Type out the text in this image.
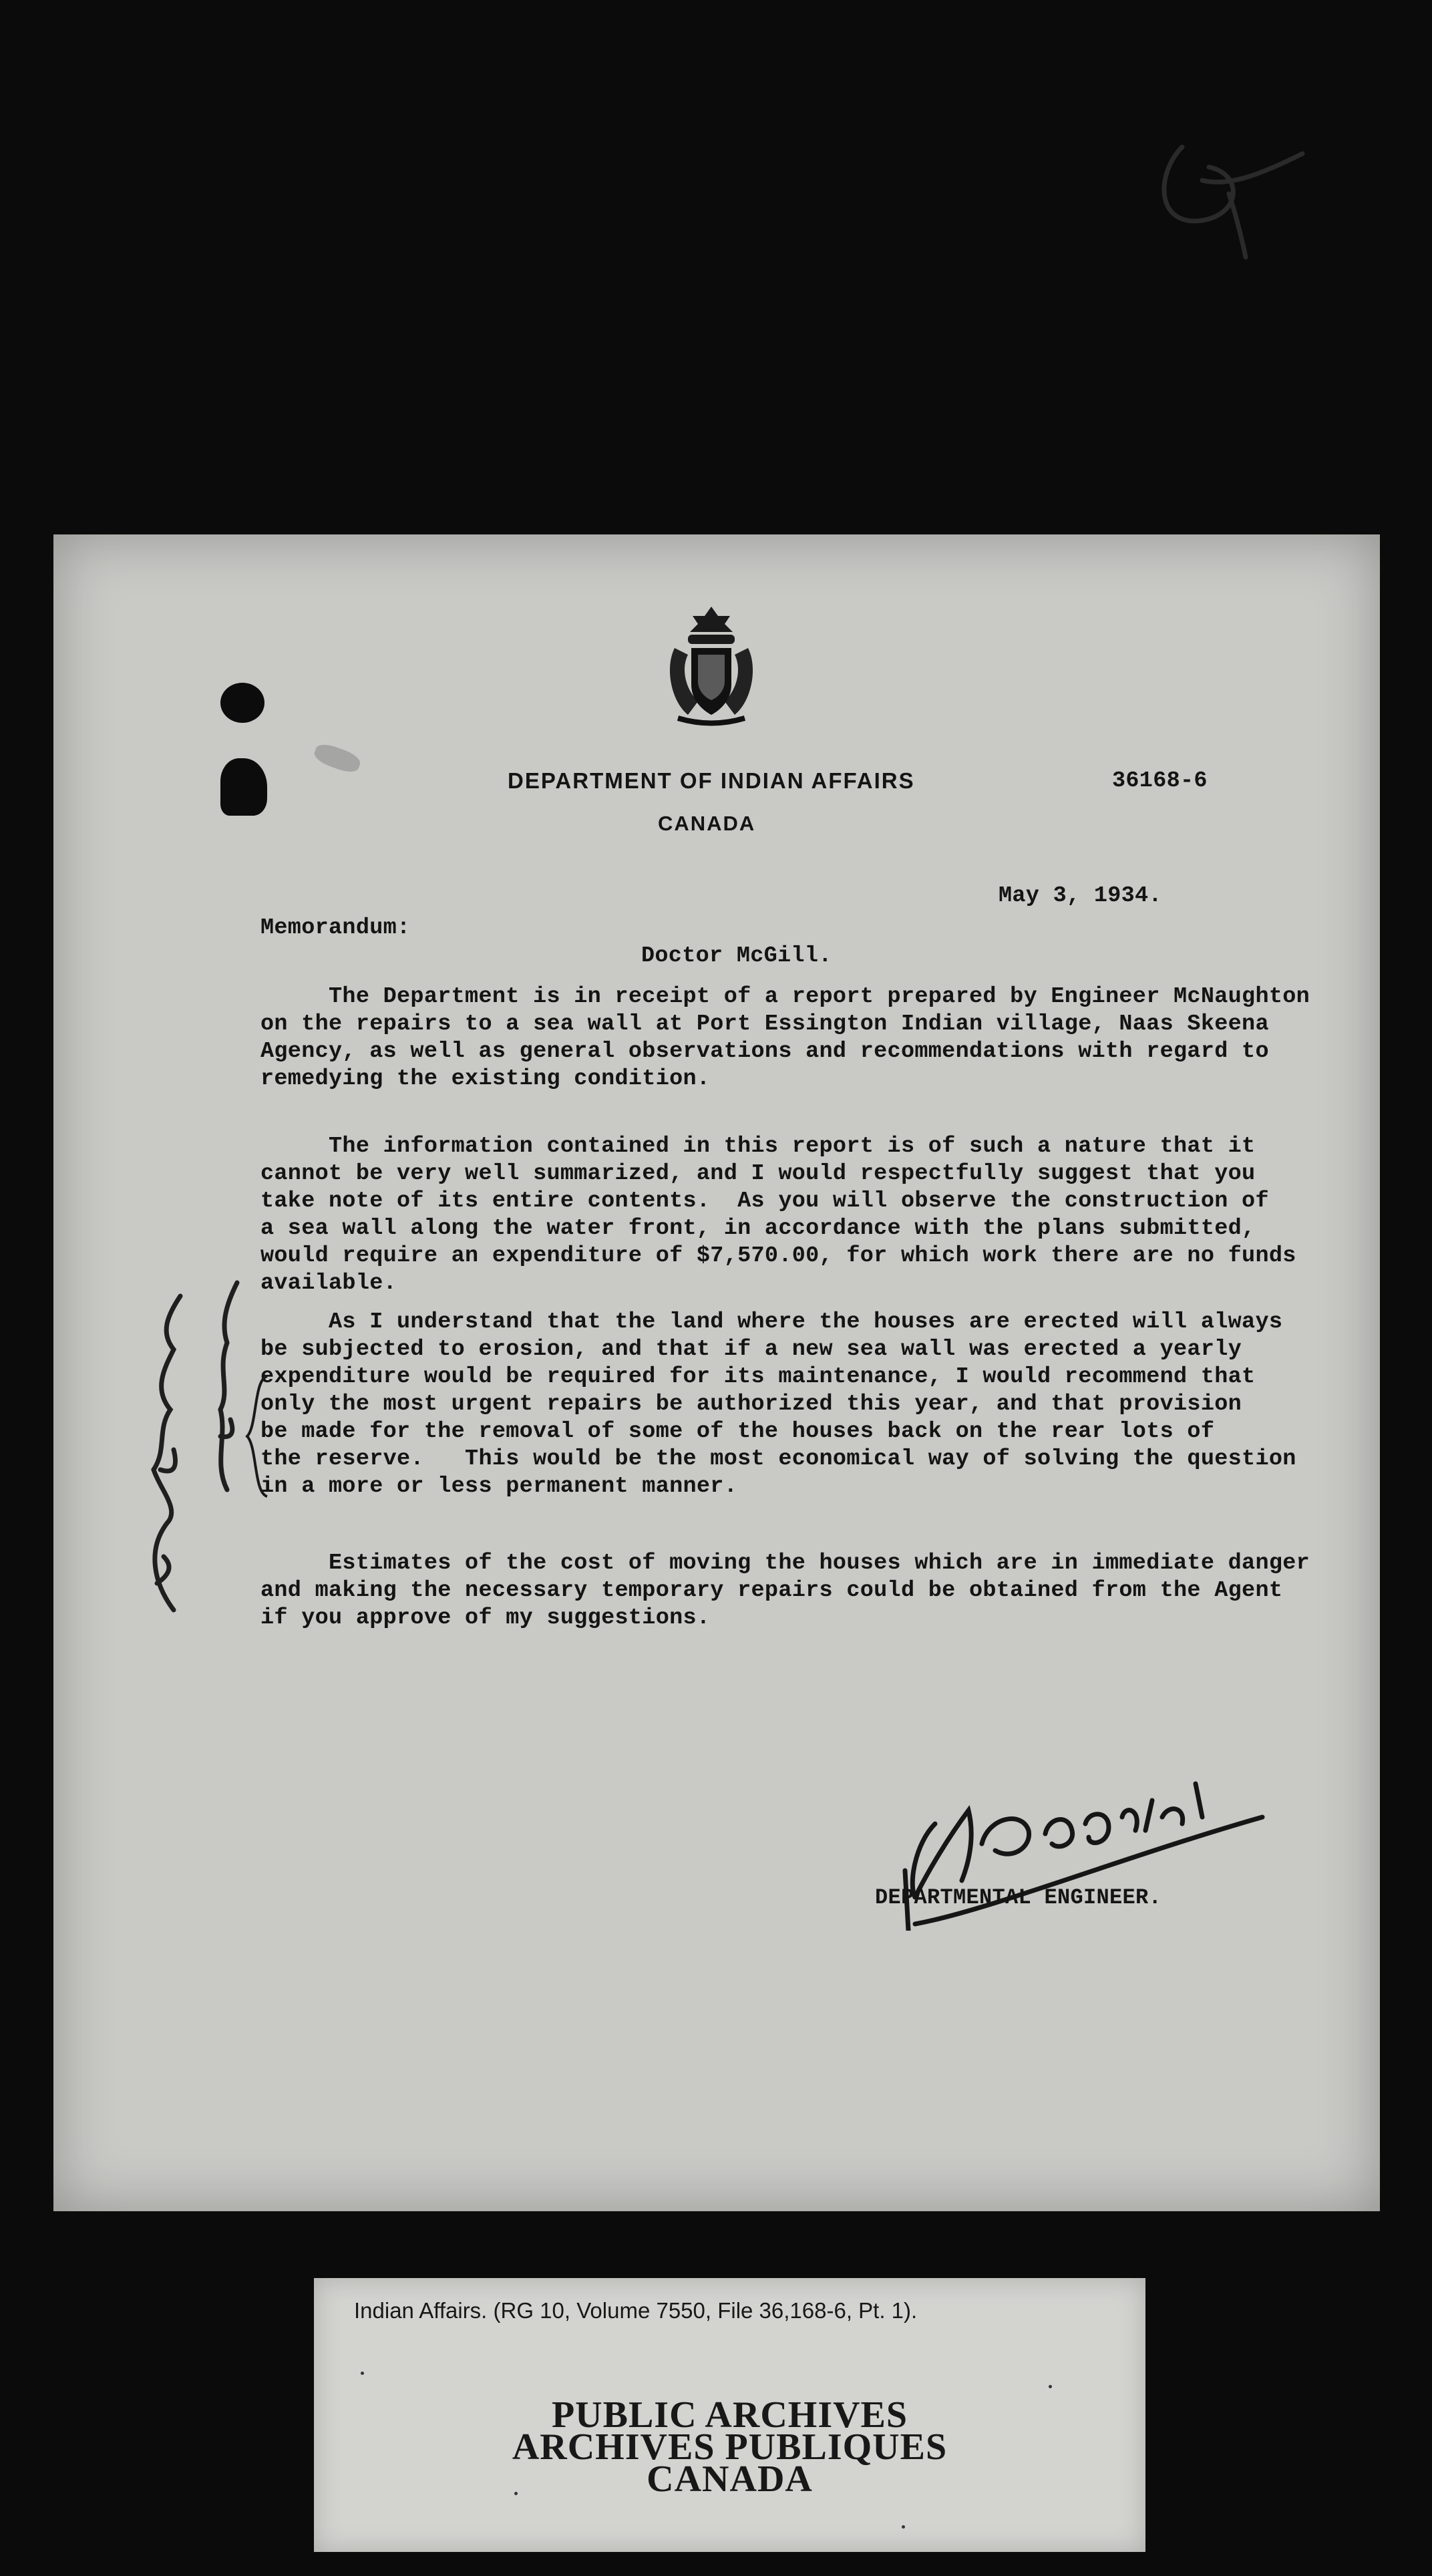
DEPARTMENT OF INDIAN AFFAIRS
CANADA
36168-6
May 3, 1934.
Memorandum:
Doctor McGill.
The Department is in receipt of a report prepared by Engineer McNaughton
on the repairs to a sea wall at Port Essington Indian village, Naas Skeena
Agency, as well as general observations and recommendations with regard to
remedying the existing condition.
The information contained in this report is of such a nature that it
cannot be very well summarized, and I would respectfully suggest that you
take note of its entire contents.  As you will observe the construction of
a sea wall along the water front, in accordance with the plans submitted,
would require an expenditure of $7,570.00, for which work there are no funds
available.
As I understand that the land where the houses are erected will always
be subjected to erosion, and that if a new sea wall was erected a yearly
expenditure would be required for its maintenance, I would recommend that
only the most urgent repairs be authorized this year, and that provision
be made for the removal of some of the houses back on the rear lots of
the reserve.   This would be the most economical way of solving the question
in a more or less permanent manner.
Estimates of the cost of moving the houses which are in immediate danger
and making the necessary temporary repairs could be obtained from the Agent
if you approve of my suggestions.
DEPARTMENTAL ENGINEER.
Indian Affairs. (RG 10, Volume 7550, File 36,168-6, Pt. 1).
PUBLIC ARCHIVES
ARCHIVES PUBLIQUES
CANADA
